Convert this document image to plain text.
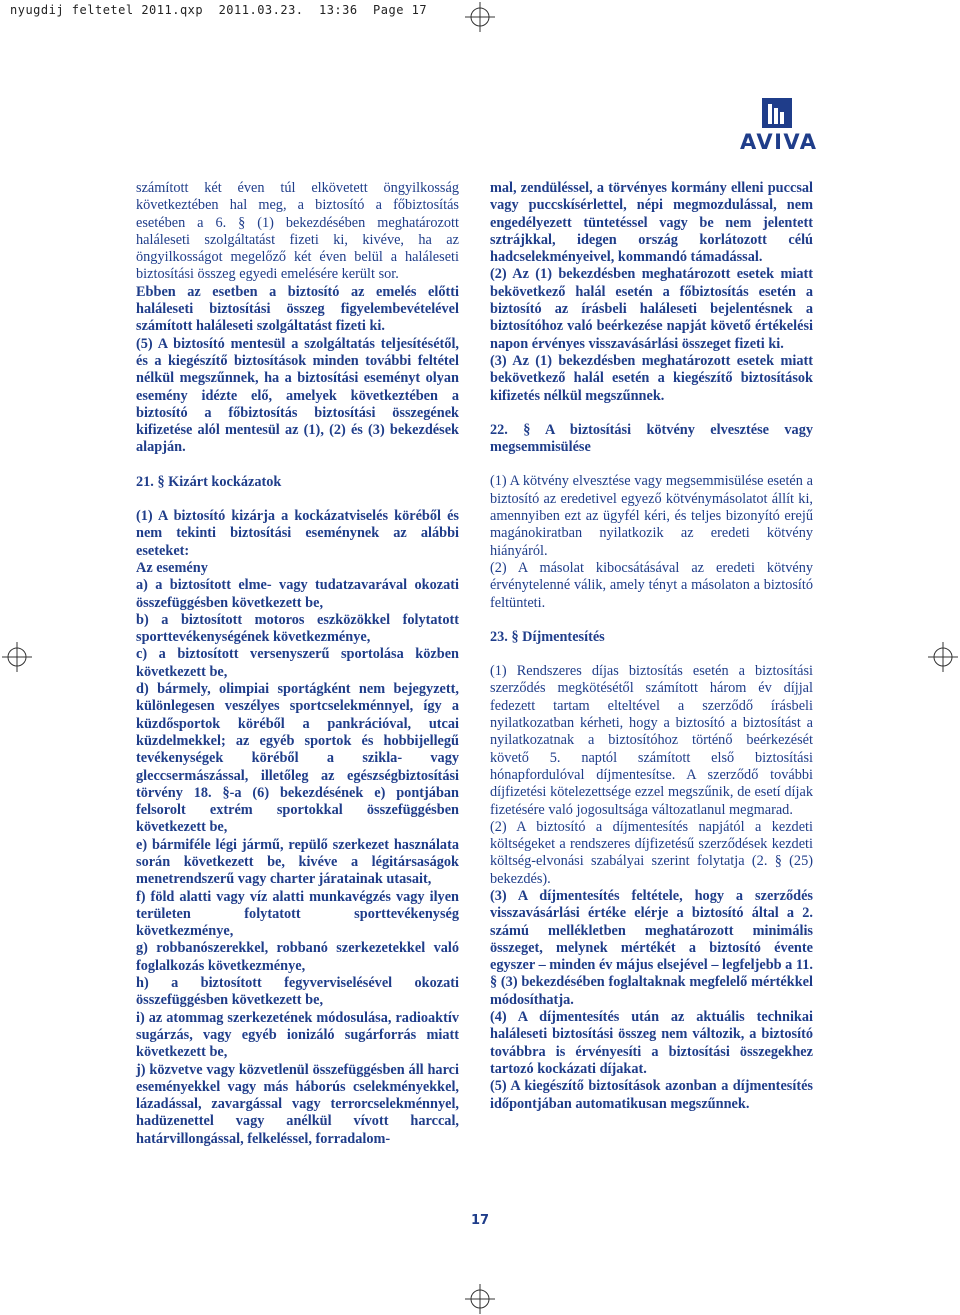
nyugdij feltetel 2011.qxp  2011.03.23.  13:36  Page 17
AVIVA

számított két éven túl elkövetett öngyilkosság következtében hal meg, a biztosító a főbiztosítás esetében a 6. § (1) bekezdésében meghatározott haláleseti szolgáltatást fizeti ki, kivéve, ha az öngyilkosságot megelőző két éven belül a haláleseti biztosítási összeg egyedi emelésére került sor.

Ebben az esetben a biztosító az emelés előtti haláleseti biztosítási összeg figyelembevételével számított haláleseti szolgáltatást fizeti ki.

(5) A biztosító mentesül a szolgáltatás teljesítésétől, és a kiegészítő biztosítások minden további feltétel nélkül megszűnnek, ha a biztosítási eseményt olyan esemény idézte elő, amelyek következtében a biztosító a főbiztosítás biztosítási összegének kifizetése alól mentesül az (1), (2) és (3) bekezdések alapján.

21. § Kizárt kockázatok

(1) A biztosító kizárja a kockázatviselés köréből és nem tekinti biztosítási eseménynek az alábbi eseteket:

Az esemény

a) a biztosított elme- vagy tudatzavarával okozati összefüggésben következett be,

b) a biztosított motoros eszközökkel folytatott sporttevékenységének következménye,

c) a biztosított versenyszerű sportolása közben következett be,

d) bármely, olimpiai sportágként nem bejegyzett, különlegesen veszélyes sportcselekménnyel, így a küzdősportok köréből a pankrációval, utcai küzdelmekkel; az egyéb sportok és hobbijellegű tevékenységek köréből a szikla- vagy gleccsermászással, illetőleg az egészségbiztosítási törvény 18. §-a (6) bekezdésének e) pontjában felsorolt extrém sportokkal összefüggésben következett be,

e) bármiféle légi jármű, repülő szerkezet használata során következett be, kivéve a légitársaságok menetrendszerű vagy charter járatainak utasait,

f) föld alatti vagy víz alatti munkavégzés vagy ilyen területen folytatott sporttevékenység következménye,

g) robbanószerekkel, robbanó szerkezetekkel való foglalkozás következménye,

h) a biztosított fegyverviselésével okozati összefüggésben következett be,

i) az atommag szerkezetének módosulása, radioaktív sugárzás, vagy egyéb ionizáló sugárforrás miatt következett be,

j) közvetve vagy közvetlenül összefüggésben áll harci eseményekkel vagy más háborús cselekményekkel, lázadással, zavargással vagy terrorcselekménnyel, hadüzenettel vagy anélkül vívott harccal, határvillongással, felkeléssel, forradalom-

mal, zendüléssel, a törvényes kormány elleni puccsal vagy puccskísérlettel, népi megmozdulással, nem engedélyezett tüntetéssel vagy be nem jelentett sztrájkkal, idegen ország korlátozott célú hadcselekményeivel, kommandó támadással.

(2) Az (1) bekezdésben meghatározott esetek miatt bekövetkező halál esetén a főbiztosítás esetén a biztosító az írásbeli haláleseti bejelentésnek a biztosítóhoz való beérkezése napját követő értékelési napon érvényes visszavásárlási összeget fizeti ki.

(3) Az (1) bekezdésben meghatározott esetek miatt bekövetkező halál esetén a kiegészítő biztosítások kifizetés nélkül megszűnnek.

22. § A biztosítási kötvény elvesztése vagy megsemmisülése

(1) A kötvény elvesztése vagy megsemmisülése esetén a biztosító az eredetivel egyező kötvénymásolatot állít ki, amennyiben ezt az ügyfél kéri, és teljes bizonyító erejű magánokiratban nyilatkozik az eredeti kötvény hiányáról.

(2) A másolat kibocsátásával az eredeti kötvény érvénytelenné válik, amely tényt a másolaton a biztosító feltünteti.

23. § Díjmentesítés

(1) Rendszeres díjas biztosítás esetén a biztosítási szerződés megkötésétől számított három év díjjal fedezett tartam elteltével a szerződő írásbeli nyilatkozatban kérheti, hogy a biztosító a biztosítást a nyilatkozatnak a biztosítóhoz történő beérkezését követő 5. naptól számított első biztosítási hónapfordulóval díjmentesítse. A szerződő további díjfizetési kötelezettsége ezzel megszűnik, de esetí díjak fizetésére való jogosultsága változatlanul megmarad.

(2) A biztosító a díjmentesítés napjától a kezdeti költségeket a rendszeres díjfizetésű szerződések kezdeti költség-elvonási szabályai szerint folytatja (2. § (25) bekezdés).

(3) A díjmentesítés feltétele, hogy a szerződés visszavásárlási értéke elérje a biztosító által a 2. számú mellékletben meghatározott minimális összeget, melynek mértékét a biztosító évente egyszer – minden év május elsejével – legfeljebb a 11. § (3) bekezdésében foglaltaknak megfelelő mértékkel módosíthatja.

(4) A díjmentesítés után az aktuális technikai haláleseti biztosítási összeg nem változik, a biztosító továbbra is érvényesíti a biztosítási összegekhez tartozó kockázati díjakat.

(5) A kiegészítő biztosítások azonban a díjmentesítés időpontjában automatikusan megszűnnek.

17
